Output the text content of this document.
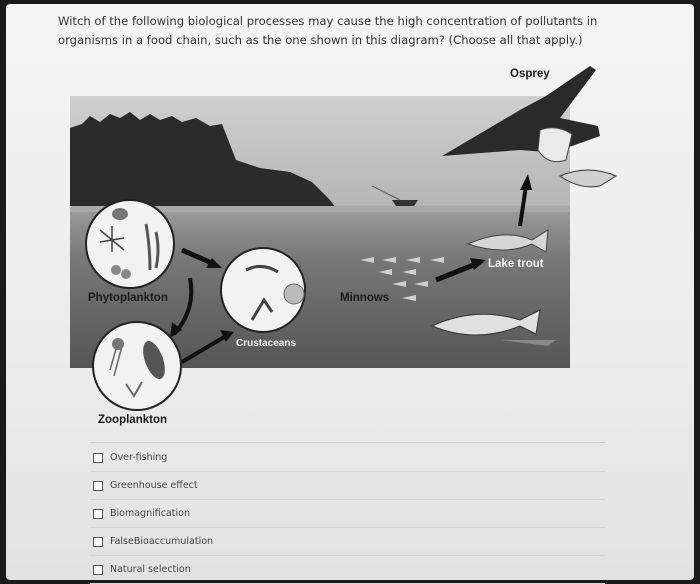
Witch of the following biological processes may cause the high concentration of pollutants in
organisms in a food chain, such as the one shown in this diagram? (Choose all that apply.)
Osprey
Lake trout
Phytoplankton	Minnows
Crustaceans
Zooplankton
Over-fishing
Greenhouse effect
Biomagnification
FalseBioaccumulation
Natural selection
